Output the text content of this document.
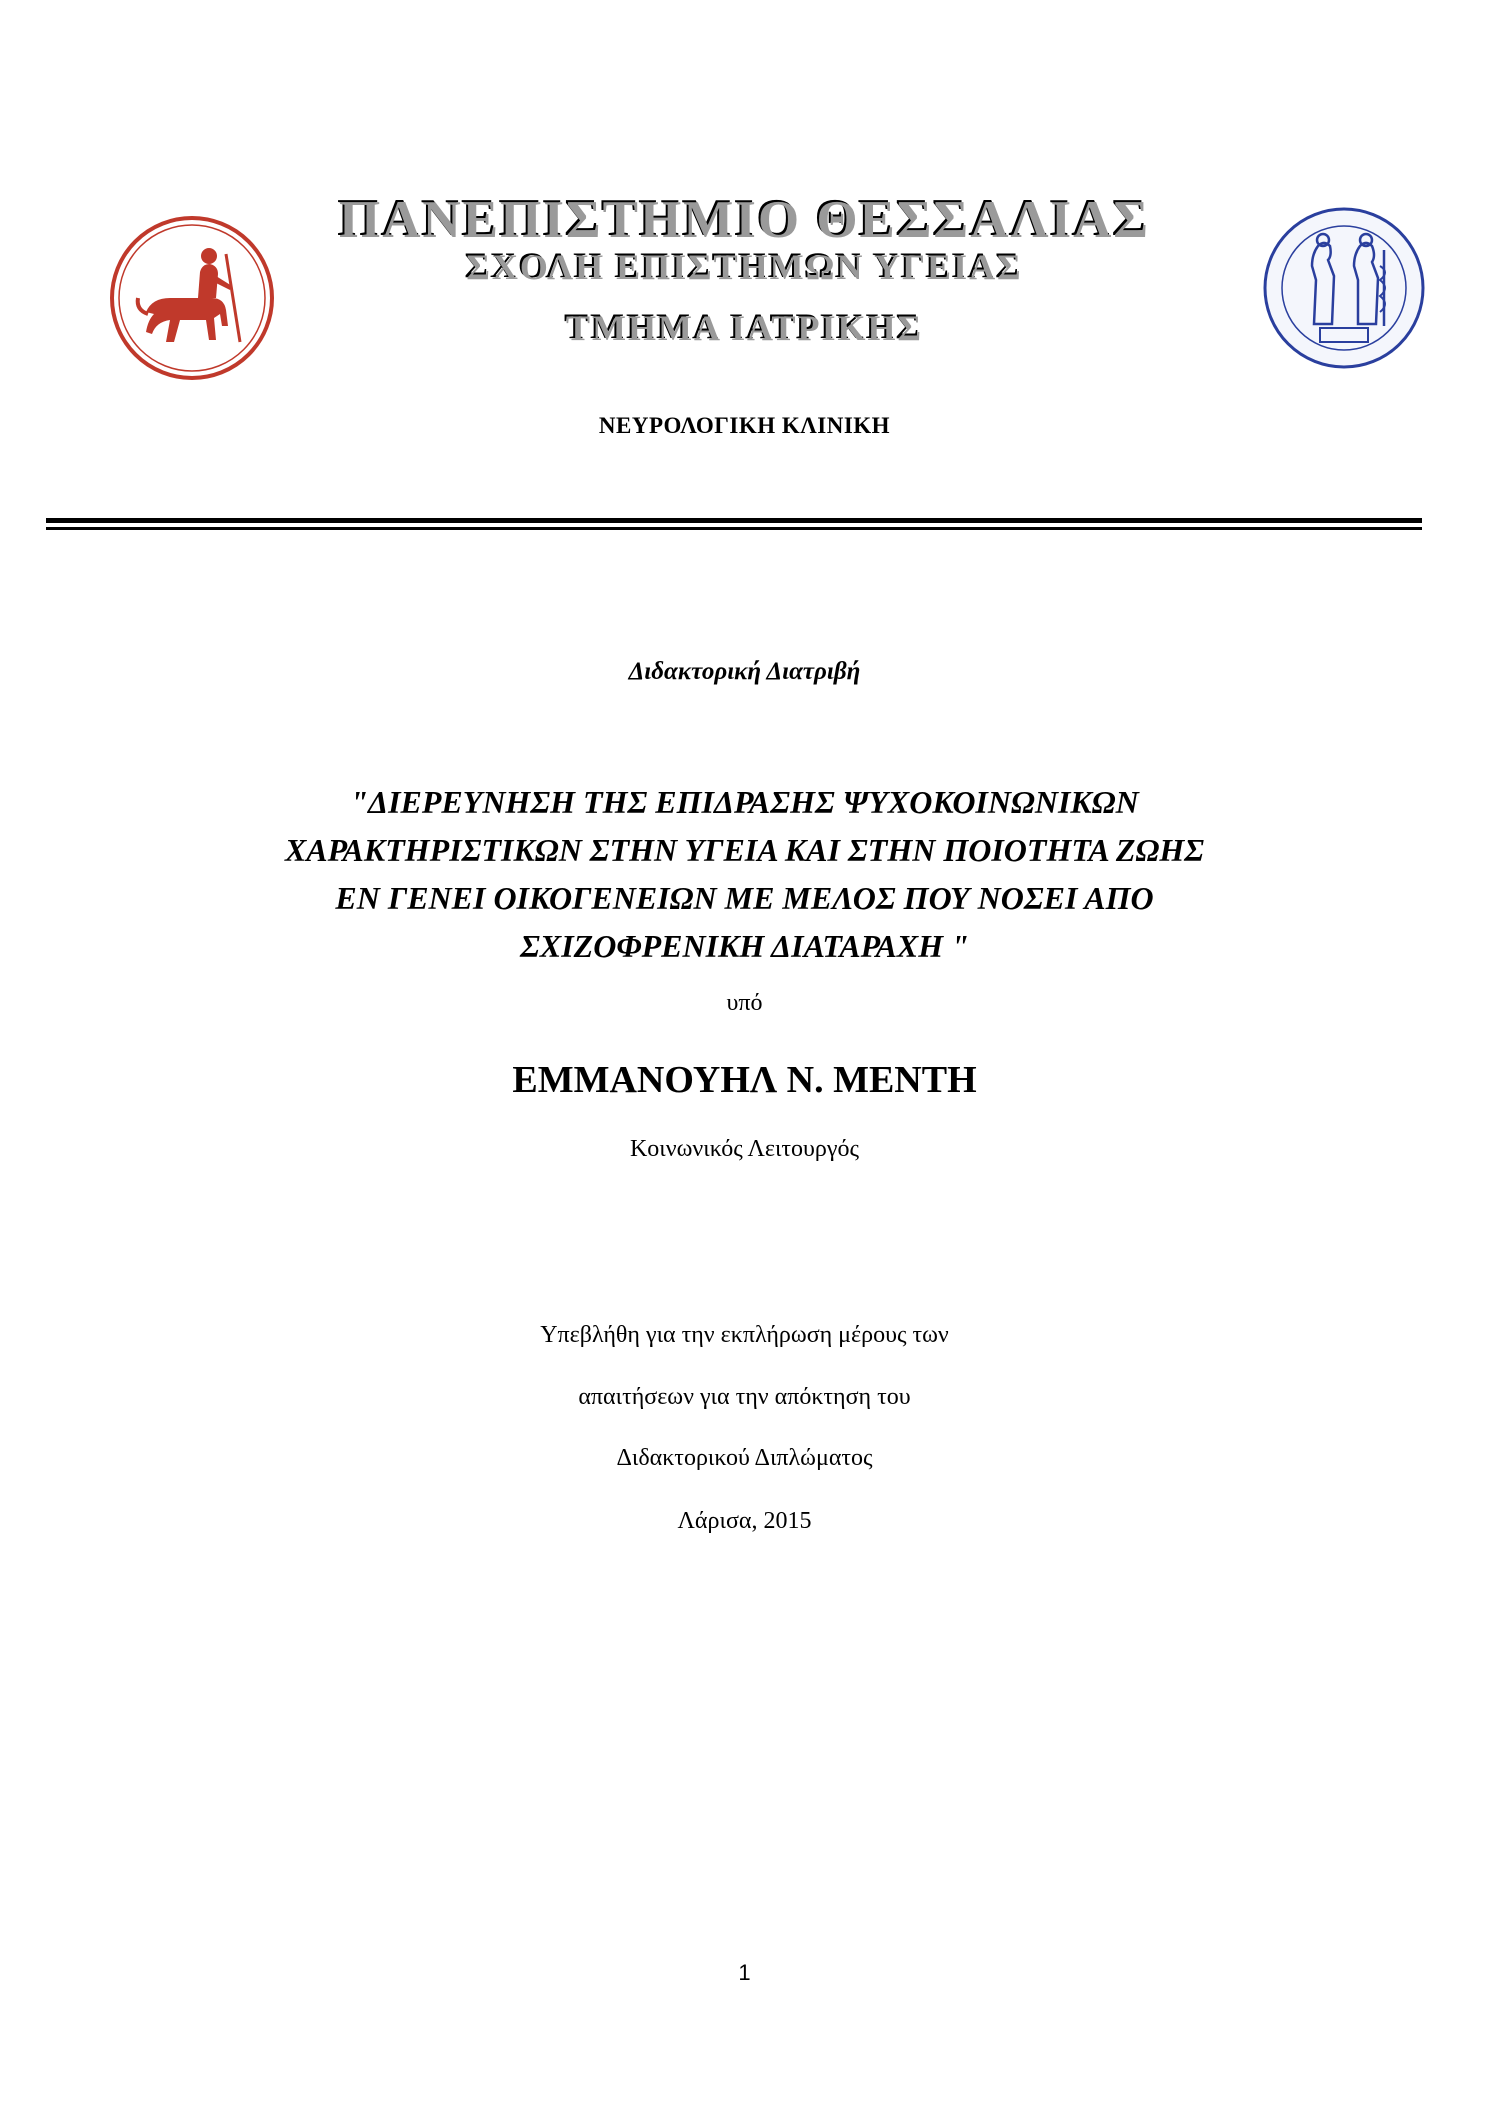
ΠΑΝΕΠΙΣΤΗΜΙΟ ΘΕΣΣΑΛΙΑΣ
ΣΧΟΛΗ ΕΠΙΣΤΗΜΩΝ ΥΓΕΙΑΣ
ΤΜΗΜΑ ΙΑΤΡΙΚΗΣ
ΝΕΥΡΟΛΟΓΙΚΗ ΚΛΙΝΙΚΗ
Διδακτορική Διατριβή
"ΔΙΕΡΕΥΝΗΣΗ ΤΗΣ ΕΠΙΔΡΑΣΗΣ ΨΥΧΟΚΟΙΝΩΝΙΚΩΝ
ΧΑΡΑΚΤΗΡΙΣΤΙΚΩΝ ΣΤΗΝ ΥΓΕΙΑ ΚΑΙ ΣΤΗΝ ΠΟΙΟΤΗΤΑ ΖΩΗΣ
ΕΝ ΓΕΝΕΙ ΟΙΚΟΓΕΝΕΙΩΝ ΜΕ ΜΕΛΟΣ ΠΟΥ ΝΟΣΕΙ ΑΠΟ
ΣΧΙΖΟΦΡΕΝΙΚΗ ΔΙΑΤΑΡΑΧΗ "
υπό
ΕΜΜΑΝΟΥΗΛ Ν. ΜΕΝΤΗ
Κοινωνικός Λειτουργός
Υπεβλήθη για την εκπλήρωση μέρους των
απαιτήσεων για την απόκτηση του
Διδακτορικού Διπλώματος
Λάρισα, 2015
1
